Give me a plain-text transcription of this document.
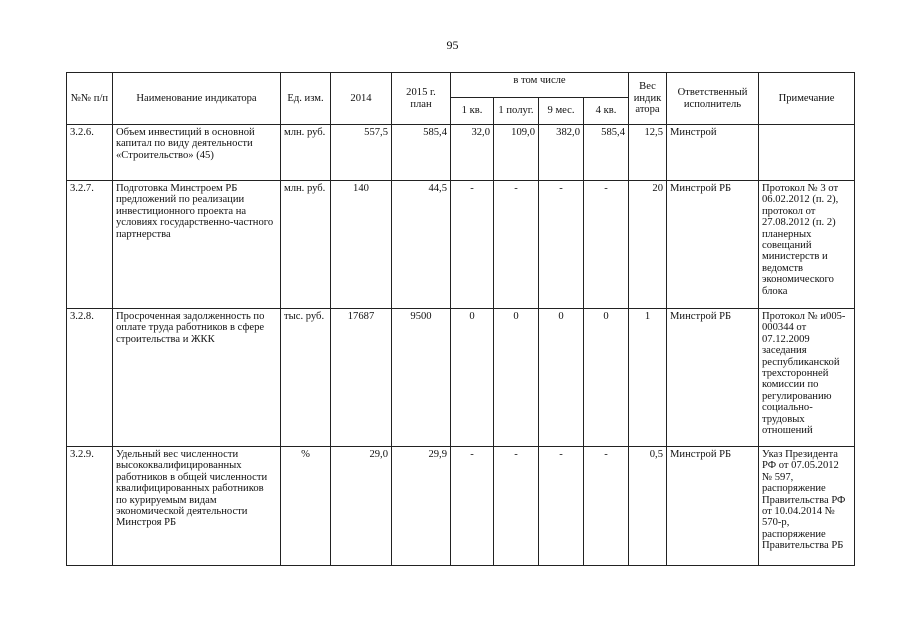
95
№№ п/п	Наименование индикатора	Ед. изм.	2014	2015 г. план	в том числе				Вес индик атора	Ответственный исполнитель	Примечание
					1 кв.	1 полуг.	9 мес.	4 кв.			
3.2.6.	Объем инвестиций в основной капитал по виду деятельности «Строительство» (45)	млн. руб.	557,5	585,4	32,0	109,0	382,0	585,4	12,5	Минстрой	
3.2.7.	Подготовка Минстроем РБ предложений по реализации инвестиционного проекта на условиях государственно-частного партнерства	млн. руб.	140	44,5	-	-	-	-	20	Минстрой РБ	Протокол № 3 от 06.02.2012 (п. 2), протокол от 27.08.2012 (п. 2) планерных совещаний министерств и ведомств экономического блока
3.2.8.	Просроченная задолженность по оплате труда работников в сфере строительства и ЖКК	тыс. руб.	17687	9500	0	0	0	0	1	Минстрой РБ	Протокол № и005-000344 от 07.12.2009 заседания республиканской трехсторонней комиссии по регулированию социально-трудовых отношений
3.2.9.	Удельный вес численности высококвалифицированных работников в общей численности квалифицированных работников по курируемым видам экономической деятельности Минстроя РБ	%	29,0	29,9	-	-	-	-	0,5	Минстрой РБ	Указ Президента РФ от 07.05.2012 № 597, распоряжение Правительства РФ от 10.04.2014 № 570-р, распоряжение Правительства РБ
